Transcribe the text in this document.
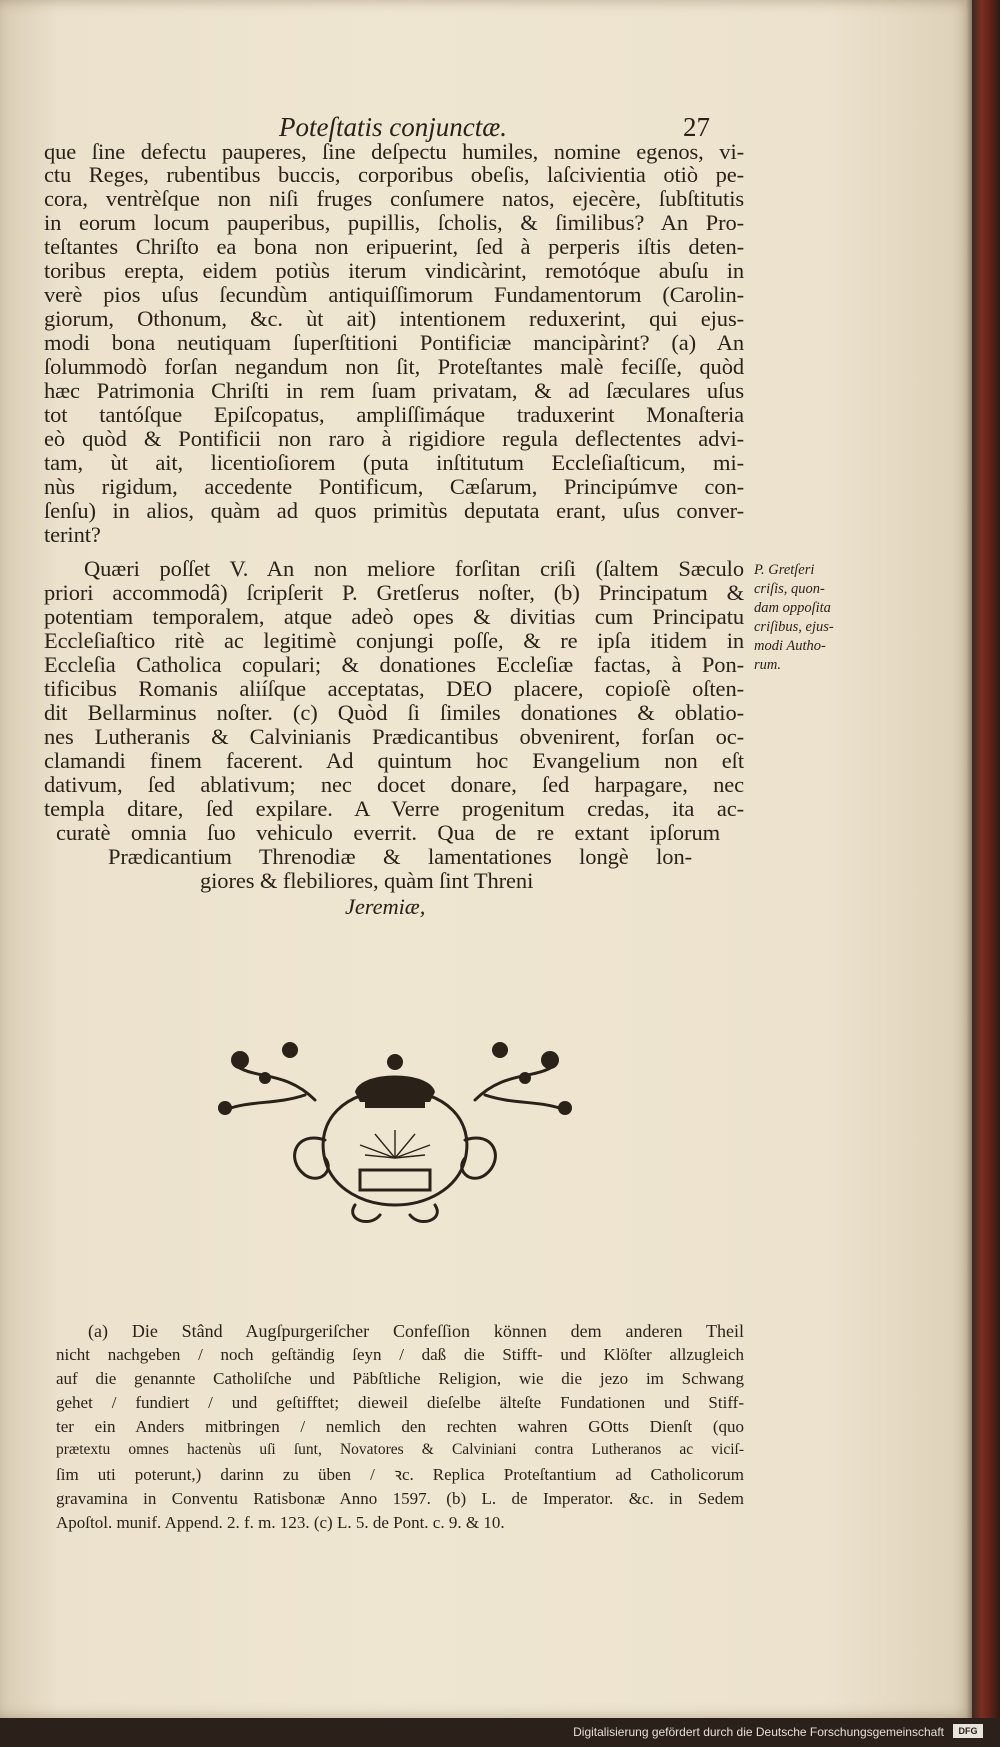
Poteſtatis conjunctæ.	27
que ſine defectu pauperes, ſine deſpectu humiles, nomine egenos, vi-
ctu Reges, rubentibus buccis, corporibus obeſis, laſcivientia otiò pe-
cora, ventrèſque non niſi fruges conſumere natos, ejecère, ſubſtitutis
in eorum locum pauperibus, pupillis, ſcholis, & ſimilibus? An Pro-
teſtantes Chriſto ea bona non eripuerint, ſed à perperis iſtis deten-
toribus erepta, eidem potiùs iterum vindicàrint, remotóque abuſu in
verè pios uſus ſecundùm antiquiſſimorum Fundamentorum (Carolin-
giorum, Othonum, &c. ùt ait) intentionem reduxerint, qui ejus-
modi bona neutiquam ſuperſtitioni Pontificiæ mancipàrint? (a) An
ſolummodò forſan negandum non ſit, Proteſtantes malè feciſſe, quòd
hæc Patrimonia Chriſti in rem ſuam privatam, & ad ſæculares uſus
tot tantóſque Epiſcopatus, ampliſſimáque traduxerint Monaſteria
eò quòd & Pontificii non raro à rigidiore regula deflectentes advi-
tam, ùt ait, licentioſiorem (puta inſtitutum Eccleſiaſticum, mi-
nùs rigidum, accedente Pontificum, Cæſarum, Principúmve con-
ſenſu) in alios, quàm ad quos primitùs deputata erant, uſus conver-
terint?
Quæri poſſet V. An non meliore forſitan criſi (ſaltem Sæculo
priori accommodâ) ſcripſerit P. Gretſerus noſter, (b) Principatum &
potentiam temporalem, atque adeò opes & divitias cum Principatu
Eccleſiaſtico ritè ac legitimè conjungi poſſe, & re ipſa itidem in
Eccleſia Catholica copulari; & donationes Eccleſiæ factas, à Pon-
tificibus Romanis aliíſque acceptatas, DEO placere, copioſè oſten-
dit Bellarminus noſter. (c) Quòd ſi ſimiles donationes & oblatio-
nes Lutheranis & Calvinianis Prædicantibus obvenirent, forſan oc-
clamandi finem facerent. Ad quintum hoc Evangelium non eſt
dativum, ſed ablativum; nec docet donare, ſed harpagare, nec
templa ditare, ſed expilare. A Verre progenitum credas, ita ac-
curatè omnia ſuo vehiculo everrit. Qua de re extant ipſorum
Prædicantium Threnodiæ & lamentationes longè lon-
giores & flebiliores, quàm ſint Threni
Jeremiæ,
P. Gretſeri
criſis, quon-
dam oppoſita
criſibus, ejus-
modi Autho-
rum.
(a) Die Stând Augſpurgeriſcher Confeſſion können dem anderen Theil
nicht nachgeben / noch geſtändig ſeyn / daß die Stifft- und Klöſter allzugleich
auf die genannte Catholiſche und Päbſtliche Religion, wie die jezo im Schwang
gehet / fundiert / und geſtifftet; dieweil dieſelbe älteſte Fundationen und Stiff-
ter ein Anders mitbringen / nemlich den rechten wahren GOtts Dienſt (quo
prætextu omnes hactenùs uſi ſunt, Novatores & Calviniani contra Lutheranos ac viciſ-
ſim uti poterunt,) darinn zu üben / ꝛc. Replica Proteſtantium ad Catholicorum
gravamina in Conventu Ratisbonæ Anno 1597. (b) L. de Imperator. &c. in Sedem
Apoſtol. munif. Append. 2. f. m. 123. (c) L. 5. de Pont. c. 9. & 10.
Digitalisierung gefördert durch die Deutsche Forschungsgemeinschaft	DFG
